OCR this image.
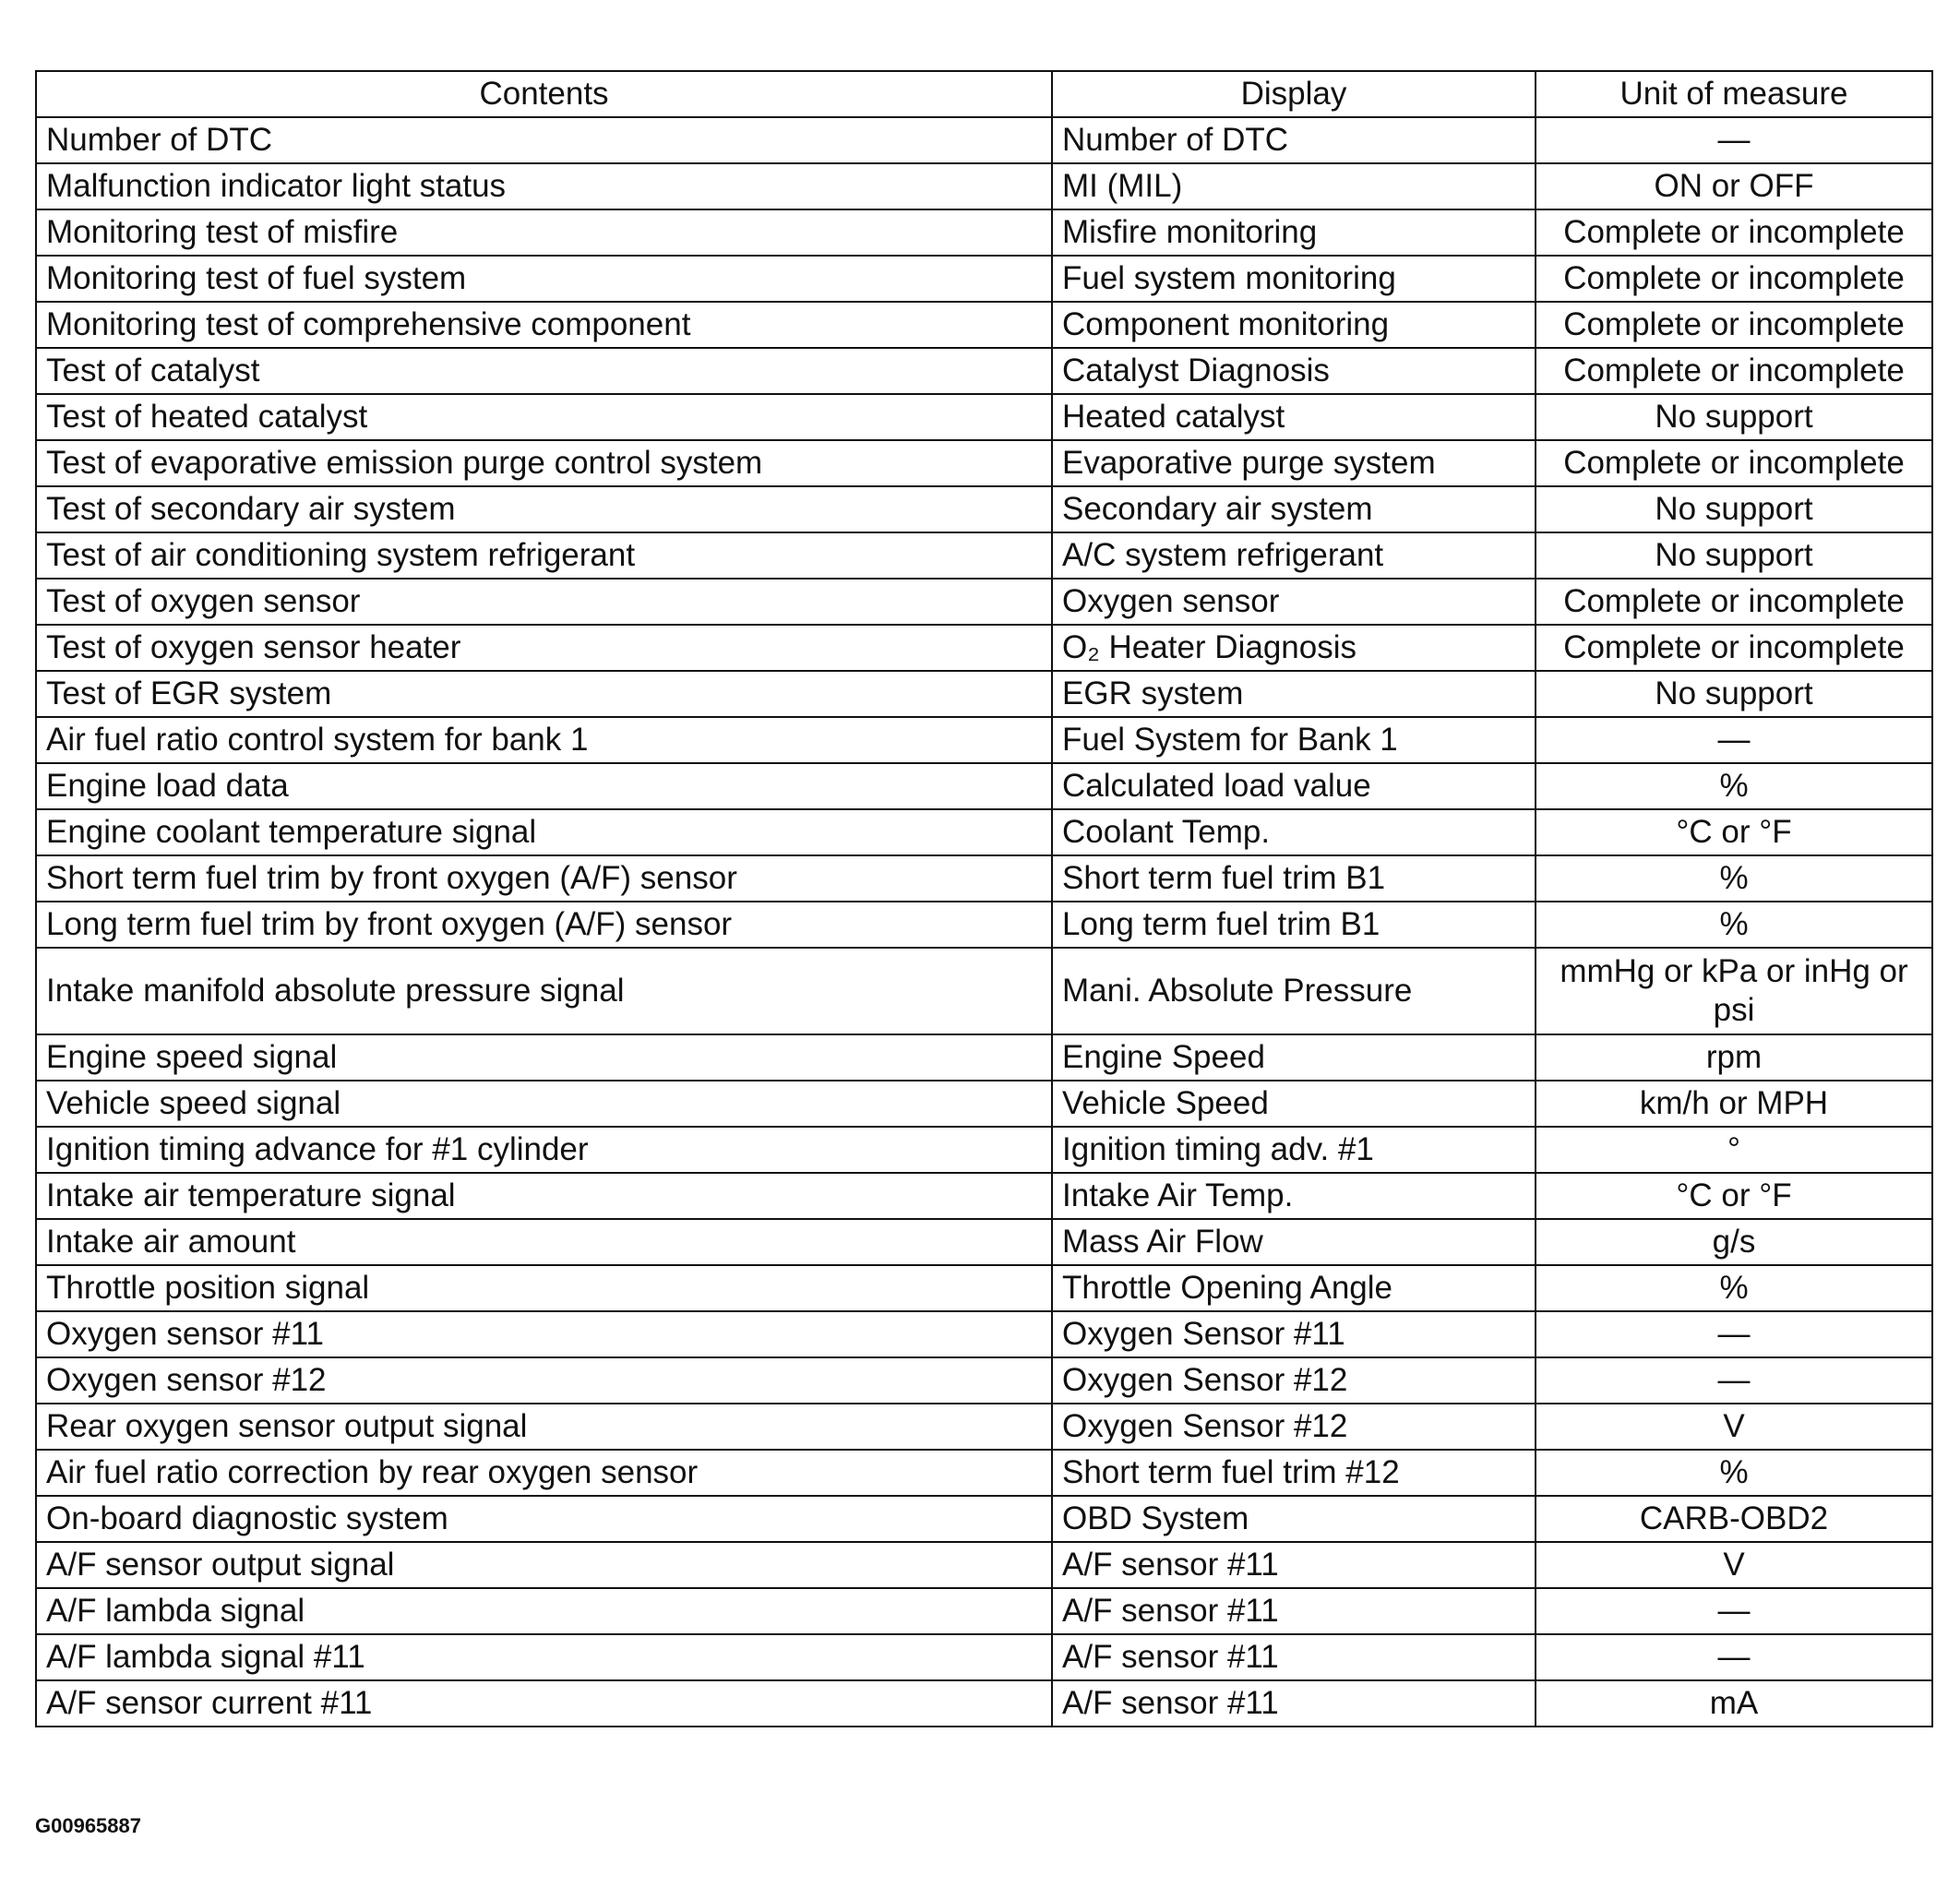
Contents	Display	Unit of measure
Number of DTC	Number of DTC	—
Malfunction indicator light status	MI (MIL)	ON or OFF
Monitoring test of misfire	Misfire monitoring	Complete or incomplete
Monitoring test of fuel system	Fuel system monitoring	Complete or incomplete
Monitoring test of comprehensive component	Component monitoring	Complete or incomplete
Test of catalyst	Catalyst Diagnosis	Complete or incomplete
Test of heated catalyst	Heated catalyst	No support
Test of evaporative emission purge control system	Evaporative purge system	Complete or incomplete
Test of secondary air system	Secondary air system	No support
Test of air conditioning system refrigerant	A/C system refrigerant	No support
Test of oxygen sensor	Oxygen sensor	Complete or incomplete
Test of oxygen sensor heater	O₂ Heater Diagnosis	Complete or incomplete
Test of EGR system	EGR system	No support
Air fuel ratio control system for bank 1	Fuel System for Bank 1	—
Engine load data	Calculated load value	%
Engine coolant temperature signal	Coolant Temp.	°C or °F
Short term fuel trim by front oxygen (A/F) sensor	Short term fuel trim B1	%
Long term fuel trim by front oxygen (A/F) sensor	Long term fuel trim B1	%
Intake manifold absolute pressure signal	Mani. Absolute Pressure	mmHg or kPa or inHg or psi
Engine speed signal	Engine Speed	rpm
Vehicle speed signal	Vehicle Speed	km/h or MPH
Ignition timing advance for #1 cylinder	Ignition timing adv. #1	°
Intake air temperature signal	Intake Air Temp.	°C or °F
Intake air amount	Mass Air Flow	g/s
Throttle position signal	Throttle Opening Angle	%
Oxygen sensor #11	Oxygen Sensor #11	—
Oxygen sensor #12	Oxygen Sensor #12	—
Rear oxygen sensor output signal	Oxygen Sensor #12	V
Air fuel ratio correction by rear oxygen sensor	Short term fuel trim #12	%
On-board diagnostic system	OBD System	CARB-OBD2
A/F sensor output signal	A/F sensor #11	V
A/F lambda signal	A/F sensor #11	—
A/F lambda signal #11	A/F sensor #11	—
A/F sensor current #11	A/F sensor #11	mA
G00965887
